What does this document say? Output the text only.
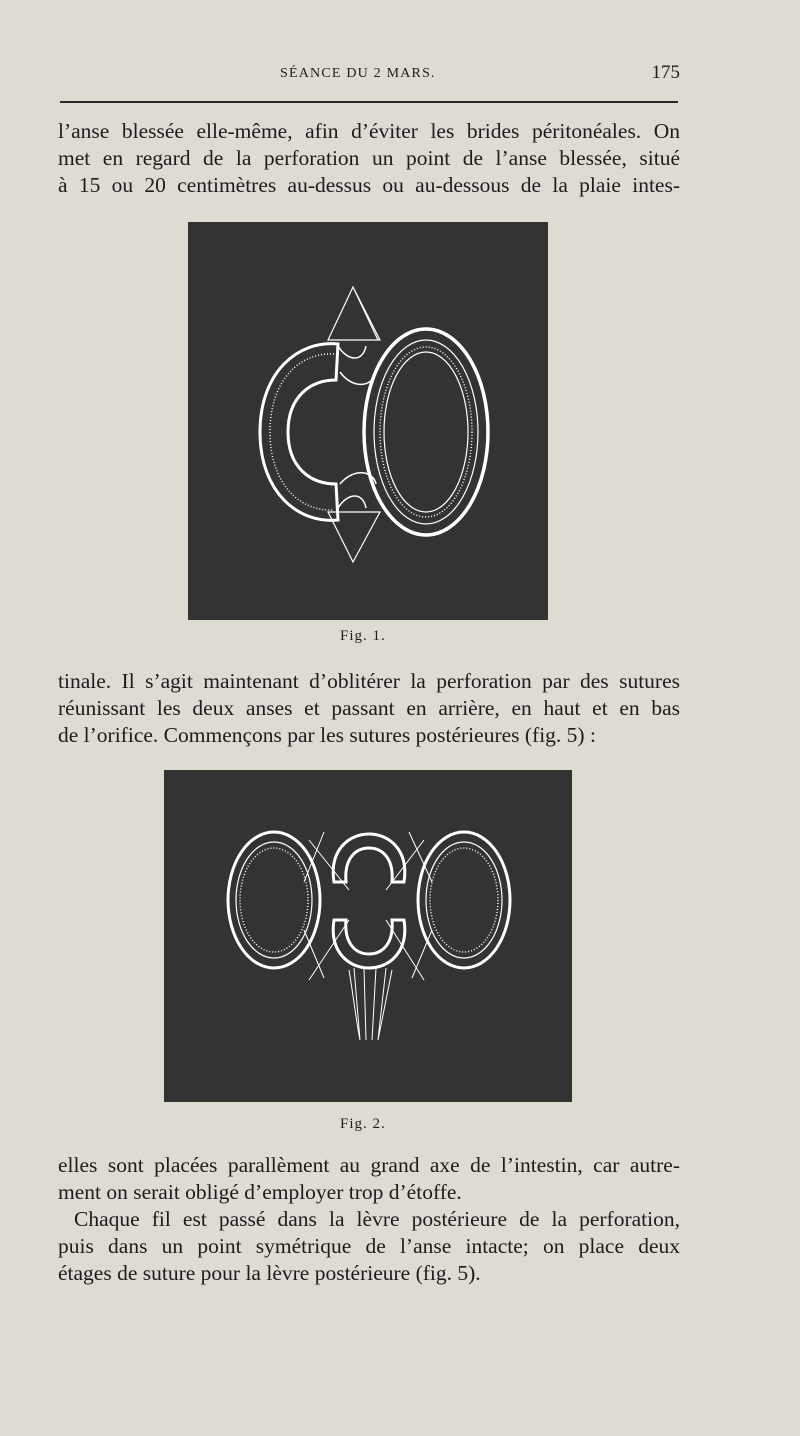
SÉANCE DU 2 MARS.	175
l’anse blessée elle-même, afin d’éviter les brides péritonéales. On
met en regard de la perforation un point de l’anse blessée, situé
à 15 ou 20 centimètres au-dessus ou au-dessous de la plaie intes-
Fig. 1.
tinale. Il s’agit maintenant d’oblitérer la perforation par des sutures
réunissant les deux anses et passant en arrière, en haut et en bas
de l’orifice. Commençons par les sutures postérieures (fig. 5) :
Fig. 2.
elles sont placées parallèment au grand axe de l’intestin, car autre-
ment on serait obligé d’employer trop d’étoffe.
Chaque fil est passé dans la lèvre postérieure de la perforation,
puis dans un point symétrique de l’anse intacte; on place deux
étages de suture pour la lèvre postérieure (fig. 5).
